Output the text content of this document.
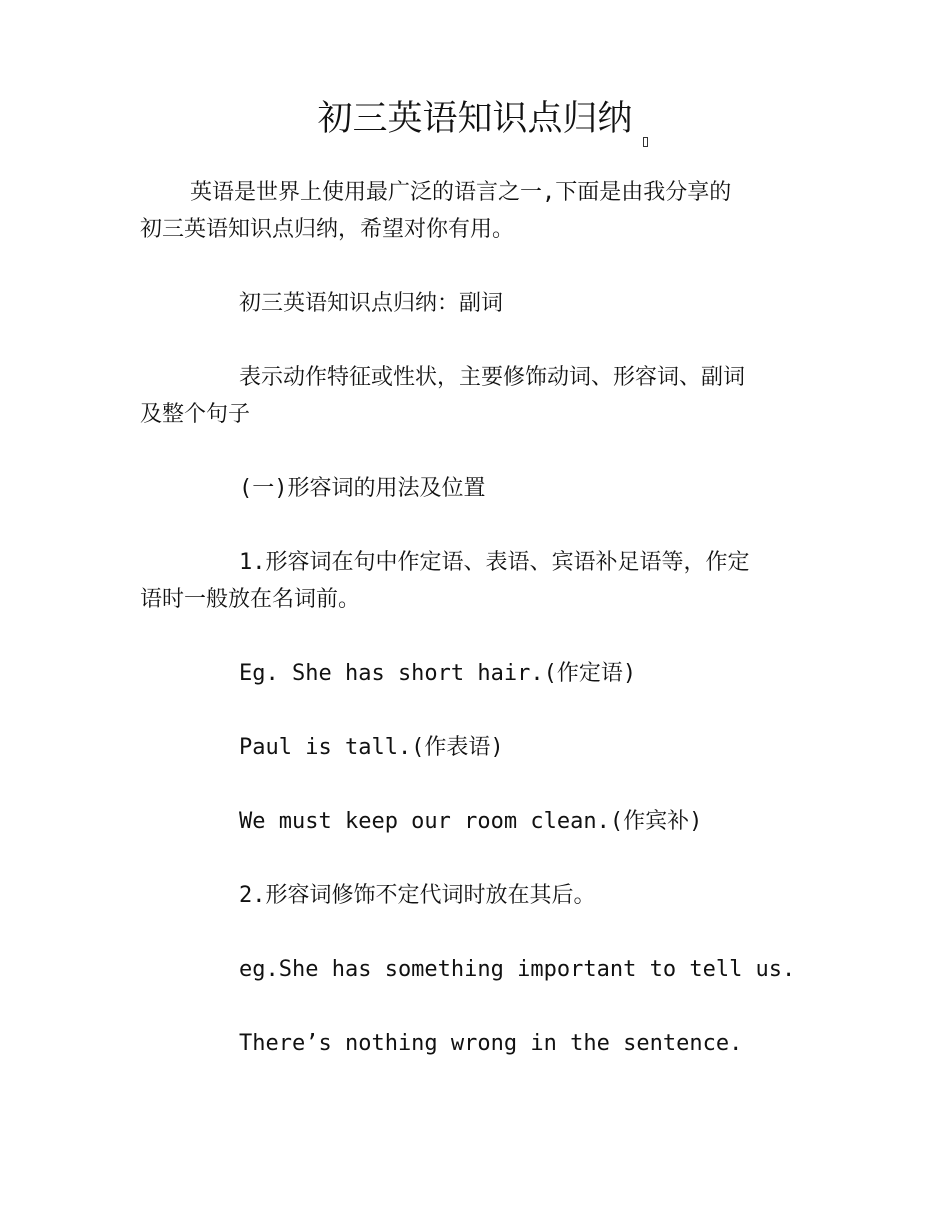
初三英语知识点归纳
英语是世界上使用最广泛的语言之一,下面是由我分享的
初三英语知识点归纳，希望对你有用。
初三英语知识点归纳：副词
表示动作特征或性状，主要修饰动词、形容词、副词
及整个句子
(一)形容词的用法及位置
1.形容词在句中作定语、表语、宾语补足语等，作定
语时一般放在名词前。
Eg. She has short hair.(作定语)
Paul is tall.(作表语)
We must keep our room clean.(作宾补)
2.形容词修饰不定代词时放在其后。
eg.She has something important to tell us.
There’s nothing wrong in the sentence.
